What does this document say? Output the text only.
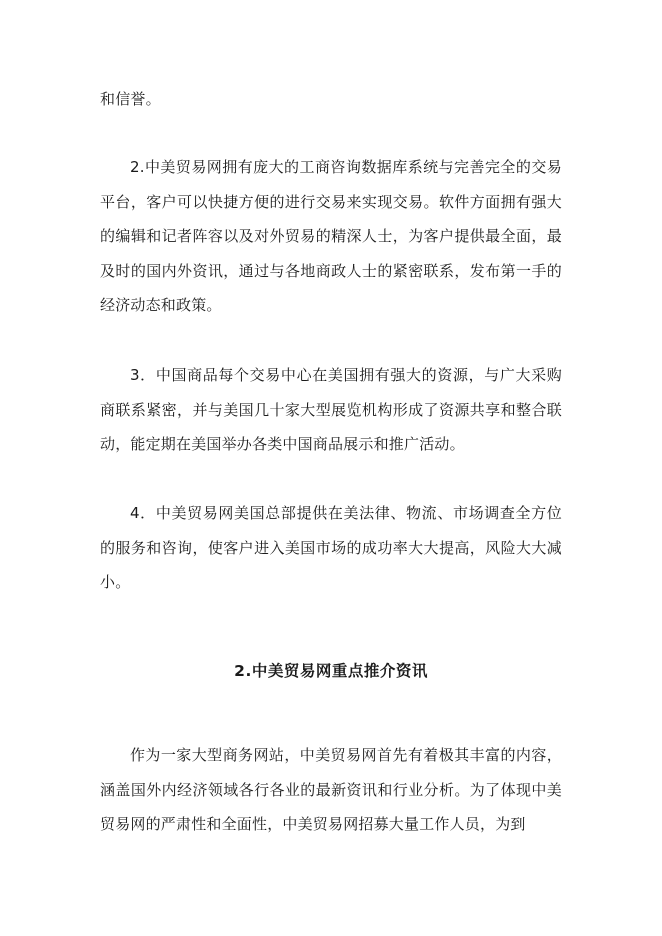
和信誉。

2.中美贸易网拥有庞大的工商咨询数据库系统与完善完全的交易平台，客户可以快捷方便的进行交易来实现交易。软件方面拥有强大的编辑和记者阵容以及对外贸易的精深人士，为客户提供最全面，最及时的国内外资讯，通过与各地商政人士的紧密联系，发布第一手的经济动态和政策。

3．中国商品每个交易中心在美国拥有强大的资源，与广大采购商联系紧密，并与美国几十家大型展览机构形成了资源共享和整合联动，能定期在美国举办各类中国商品展示和推广活动。

4．中美贸易网美国总部提供在美法律、物流、市场调查全方位的服务和咨询，使客户进入美国市场的成功率大大提高，风险大大减小。

2.中美贸易网重点推介资讯

作为一家大型商务网站，中美贸易网首先有着极其丰富的内容，涵盖国外内经济领域各行各业的最新资讯和行业分析。为了体现中美贸易网的严肃性和全面性，中美贸易网招募大量工作人员，为到
